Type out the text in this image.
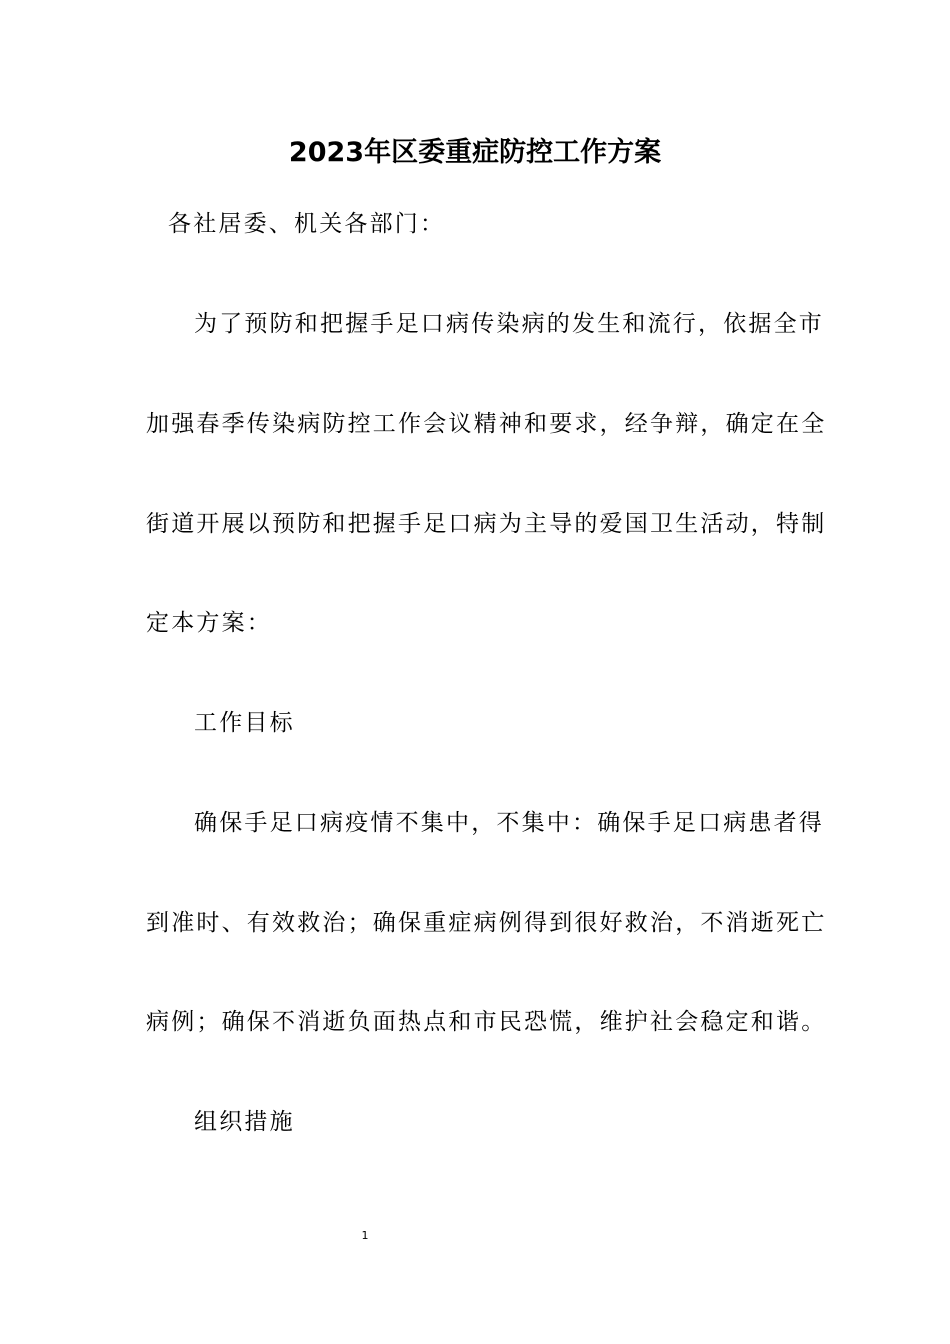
2023年区委重症防控工作方案
各社居委、机关各部门：
为了预防和把握手足口病传染病的发生和流行，依据全市
加强春季传染病防控工作会议精神和要求，经争辩，确定在全
街道开展以预防和把握手足口病为主导的爱国卫生活动，特制
定本方案：
工作目标
确保手足口病疫情不集中，不集中：确保手足口病患者得
到准时、有效救治；确保重症病例得到很好救治，不消逝死亡
病例；确保不消逝负面热点和市民恐慌，维护社会稳定和谐。
组织措施
1
